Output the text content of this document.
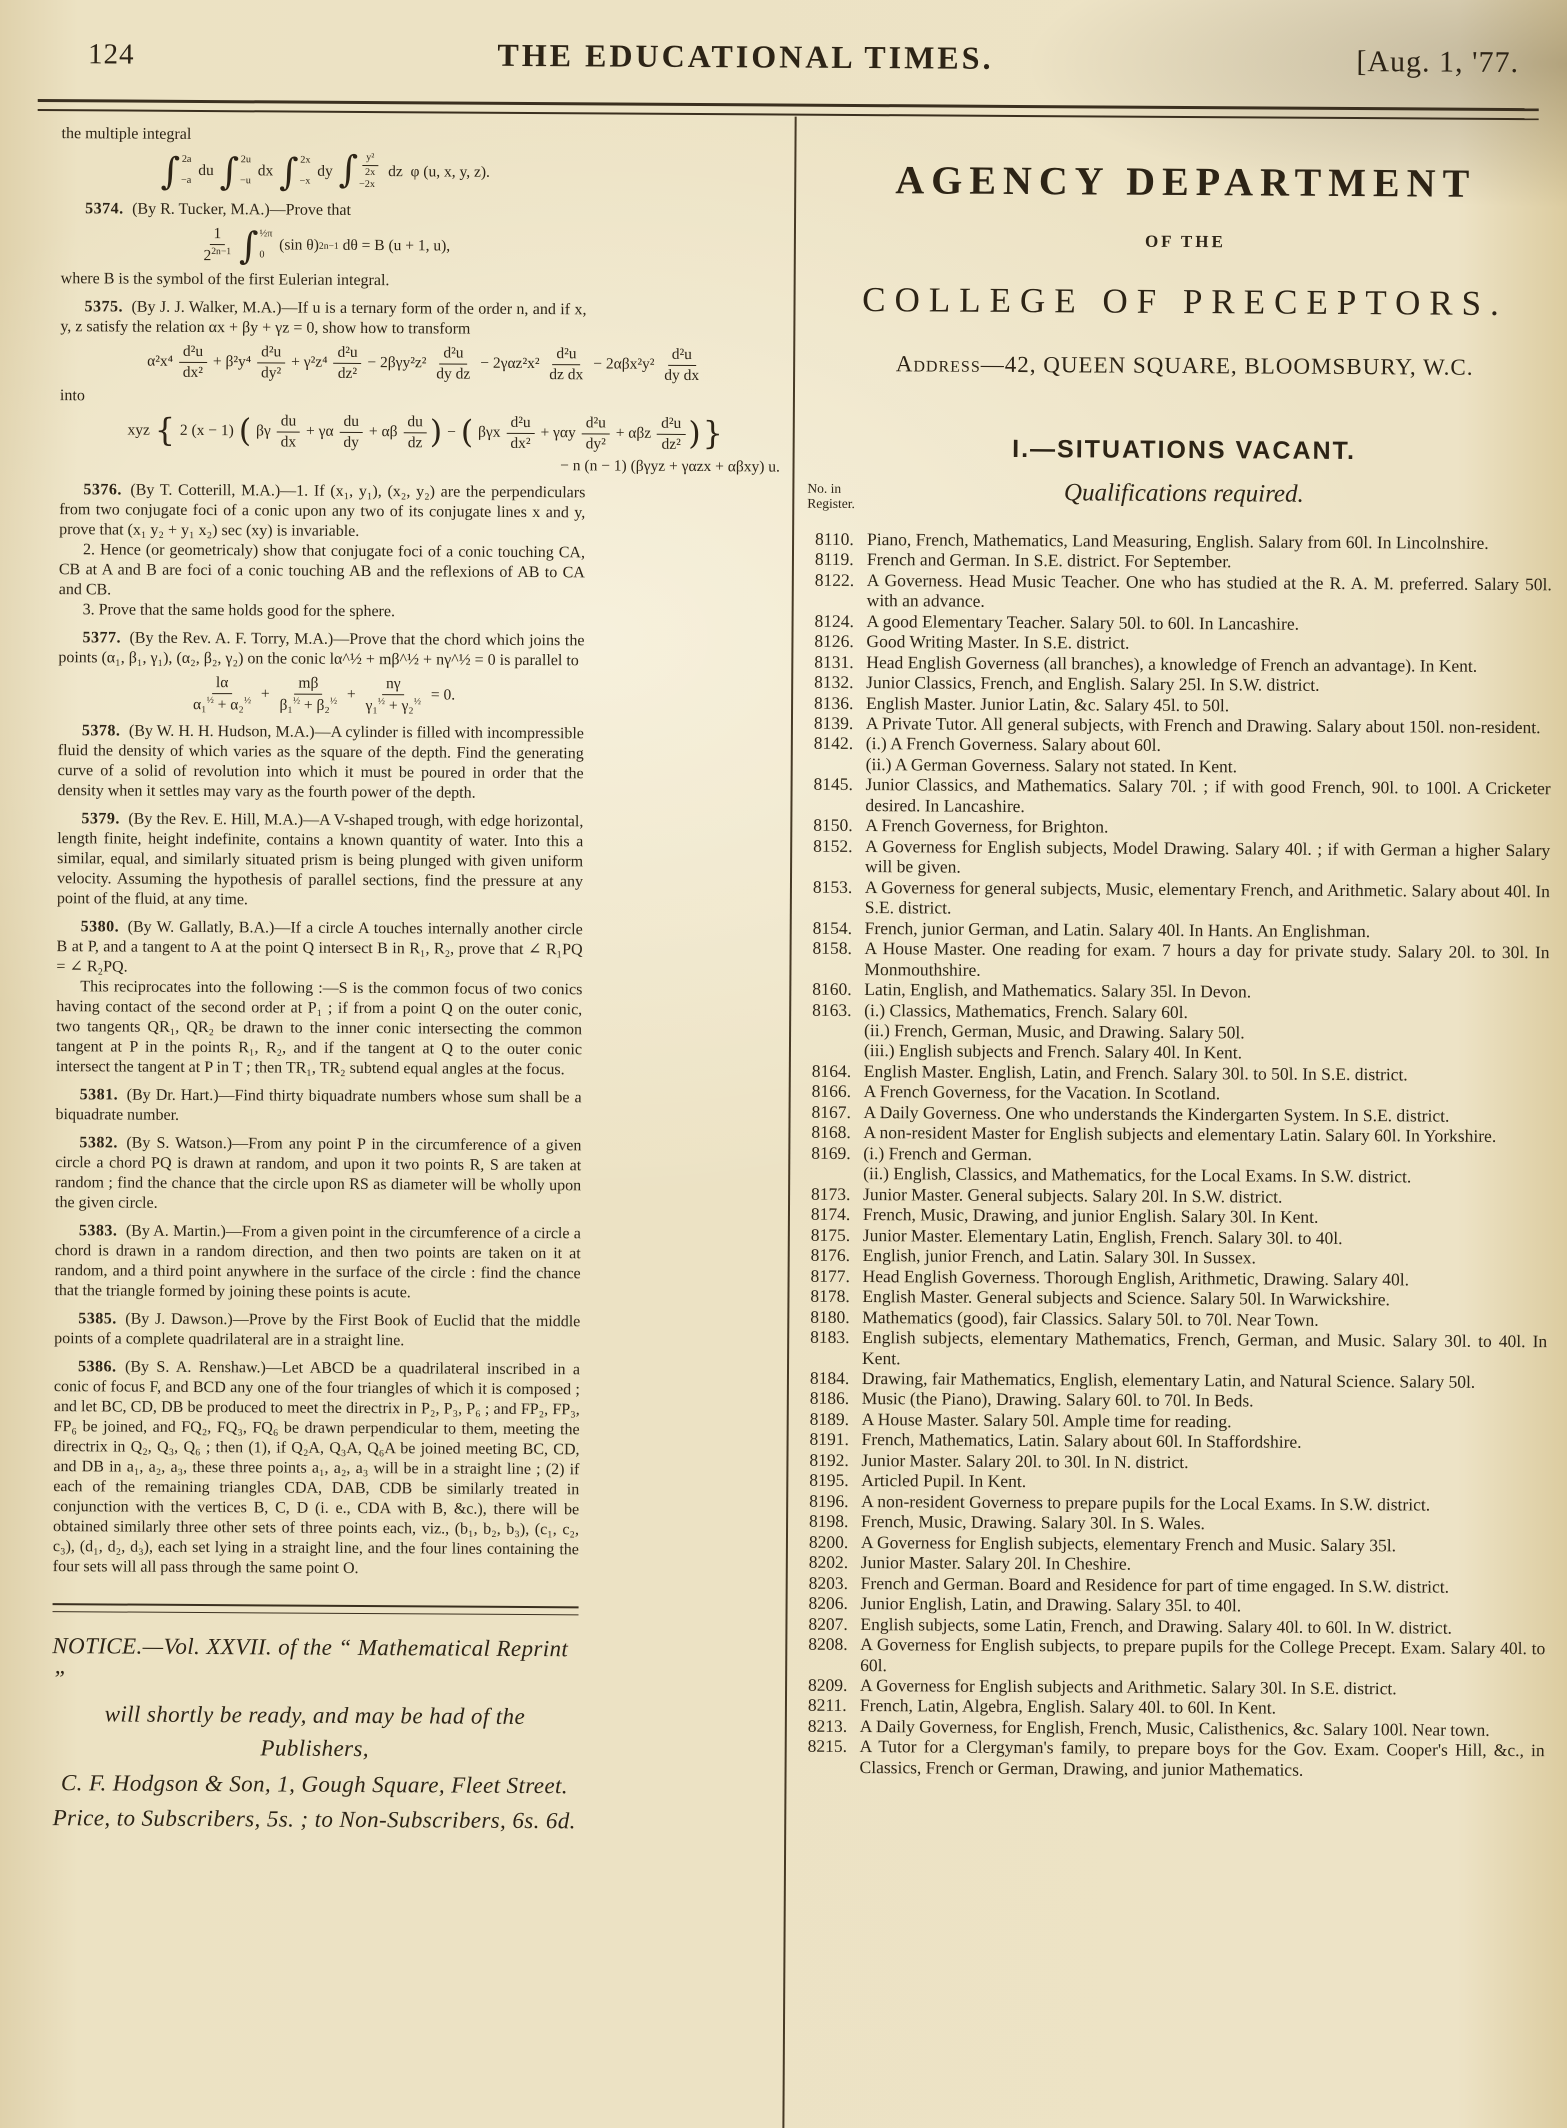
124	THE EDUCATIONAL TIMES.	[Aug. 1, '77.

the multiple integral

∫ 2a
−a
du ∫ 2u
−u
dx ∫ 2x
−x
dy ∫ $\frac{\text{y²}}{2x}$
−2x
dz  φ (u, x, y, z).

5374. (By R. Tucker, M.A.)—Prove that

1
$2^{2n-1}$ ∫ ½π
0
(sin θ) 2n−1 dθ = B (u + 1, u),

where B is the symbol of the first Eulerian integral.

5375. (By J. J. Walker, M.A.)—If u is a ternary form of the order n, and if x, y, z satisfy the relation αx + βy + γz = 0, show how to transform

α²x⁴
d²u
dx²
+ β²y⁴
d²u
dy²
+ γ²z⁴
d²u
dz²
− 2βγy²z²
d²u
dy dz
− 2γαz²x²
d²u
dz dx
− 2αβx²y²
d²u
dy dx

into

xyz { 2 (x − 1) ( βγ
du
dx
+ γα
du
dy
+ αβ
du
dz ) − ( βγx
d²u
dx²
+ γαy
d²u
dy²
+ αβz
d²u
dz² ) }
− n (n − 1) (βγyz + γαzx + αβxy) u.

5376. (By T. Cotterill, M.A.)—1. If (x₁, y₁), (x₂, y₂) are the perpendiculars from two conjugate foci of a conic upon any two of its conjugate lines x and y, prove that (x₁ y₂ + y₁ x₂) sec (xy) is invariable.

2. Hence (or geometricaly) show that conjugate foci of a conic touching CA, CB at A and B are foci of a conic touching AB and the reflexions of AB to CA and CB.

3. Prove that the same holds good for the sphere.

5377. (By the Rev. A. F. Torry, M.A.)—Prove that the chord which joins the points (α₁, β₁, γ₁), (α₂, β₂, γ₂) on the conic lα^½ + mβ^½ + nγ^½ = 0 is parallel to

lα
$\alpha_1^{\frac{1}{2}} + \alpha_2^{\frac{1}{2}} + \frac{m\beta}{\beta_1^{\frac{1}{2}} + \beta_2^{\frac{1}{2}}} + \frac{n\gamma}{\gamma_1^{\frac{1}{2}} + \gamma_2^{\frac{1}{2}}} = 0$.

5378. (By W. H. H. Hudson, M.A.)—A cylinder is filled with incompressible fluid the density of which varies as the square of the depth. Find the generating curve of a solid of revolution into which it must be poured in order that the density when it settles may vary as the fourth power of the depth.

5379. (By the Rev. E. Hill, M.A.)—A V-shaped trough, with edge horizontal, length finite, height indefinite, contains a known quantity of water. Into this a similar, equal, and similarly situated prism is being plunged with given uniform velocity. Assuming the hypothesis of parallel sections, find the pressure at any point of the fluid, at any time.

5380. (By W. Gallatly, B.A.)—If a circle A touches internally another circle B at P, and a tangent to A at the point Q intersect B in R₁, R₂, prove that ∠ R₁PQ = ∠ R₂PQ.

This reciprocates into the following :—S is the common focus of two conics having contact of the second order at P₁ ; if from a point Q on the outer conic, two tangents QR₁, QR₂ be drawn to the inner conic intersecting the common tangent at P in the points R₁, R₂, and if the tangent at Q to the outer conic intersect the tangent at P in T ; then TR₁, TR₂ subtend equal angles at the focus.

5381. (By Dr. Hart.)—Find thirty biquadrate numbers whose sum shall be a biquadrate number.

5382. (By S. Watson.)—From any point P in the circumference of a given circle a chord PQ is drawn at random, and upon it two points R, S are taken at random ; find the chance that the circle upon RS as diameter will be wholly upon the given circle.

5383. (By A. Martin.)—From a given point in the circumference of a circle a chord is drawn in a random direction, and then two points are taken on it at random, and a third point anywhere in the surface of the circle : find the chance that the triangle formed by joining these points is acute.

5385. (By J. Dawson.)—Prove by the First Book of Euclid that the middle points of a complete quadrilateral are in a straight line.

5386. (By S. A. Renshaw.)—Let ABCD be a quadrilateral inscribed in a conic of focus F, and BCD any one of the four triangles of which it is composed ; and let BC, CD, DB be produced to meet the directrix in P₂, P₃, P₆ ; and FP₂, FP₃, FP₆ be joined, and FQ₂, FQ₃, FQ₆ be drawn perpendicular to them, meeting the directrix in Q₂, Q₃, Q₆ ; then (1), if Q₂A, Q₃A, Q₆A be joined meeting BC, CD, and DB in a₁, a₂, a₃, these three points a₁, a₂, a₃ will be in a straight line ; (2) if each of the remaining triangles CDA, DAB, CDB be similarly treated in conjunction with the vertices B, C, D (i. e., CDA with B, &c.), there will be obtained similarly three other sets of three points each, viz., (b₁, b₂, b₃), (c₁, c₂, c₃), (d₁, d₂, d₃), each set lying in a straight line, and the four lines containing the four sets will all pass through the same point O.

NOTICE.—Vol. XXVII. of the “ Mathematical Reprint ”

will shortly be ready, and may be had of the Publishers,

C. F. Hodgson & Son, 1, Gough Square, Fleet Street.

Price, to Subscribers, 5s. ; to Non-Subscribers, 6s. 6d.

AGENCY DEPARTMENT
OF THE
COLLEGE OF PRECEPTORS.
Address—42, QUEEN SQUARE, BLOOMSBURY, W.C.
I.—SITUATIONS VACANT.
No. in
Register.	Qualifications required.
8110. Piano, French, Mathematics, Land Measuring, English. Salary from 60l. In Lincolnshire.

8119. French and German. In S.E. district. For September.

8122. A Governess. Head Music Teacher. One who has studied at the R. A. M. preferred. Salary 50l. with an advance.

8124. A good Elementary Teacher. Salary 50l. to 60l. In Lancashire.

8126. Good Writing Master. In S.E. district.

8131. Head English Governess (all branches), a knowledge of French an advantage). In Kent.

8132. Junior Classics, French, and English. Salary 25l. In S.W. district.

8136. English Master. Junior Latin, &c. Salary 45l. to 50l.

8139. A Private Tutor. All general subjects, with French and Drawing. Salary about 150l. non-resident.

8142. (i.) A French Governess. Salary about 60l.

(ii.) A German Governess. Salary not stated. In Kent.

8145. Junior Classics, and Mathematics. Salary 70l. ; if with good French, 90l. to 100l. A Cricketer desired. In Lancashire.

8150. A French Governess, for Brighton.

8152. A Governess for English subjects, Model Drawing. Salary 40l. ; if with German a higher Salary will be given.

8153. A Governess for general subjects, Music, elementary French, and Arithmetic. Salary about 40l. In S.E. district.

8154. French, junior German, and Latin. Salary 40l. In Hants. An Englishman.

8158. A House Master. One reading for exam. 7 hours a day for private study. Salary 20l. to 30l. In Monmouthshire.

8160. Latin, English, and Mathematics. Salary 35l. In Devon.

8163. (i.) Classics, Mathematics, French. Salary 60l.

(ii.) French, German, Music, and Drawing. Salary 50l.

(iii.) English subjects and French. Salary 40l. In Kent.

8164. English Master. English, Latin, and French. Salary 30l. to 50l. In S.E. district.

8166. A French Governess, for the Vacation. In Scotland.

8167. A Daily Governess. One who understands the Kindergarten System. In S.E. district.

8168. A non-resident Master for English subjects and elementary Latin. Salary 60l. In Yorkshire.

8169. (i.) French and German.

(ii.) English, Classics, and Mathematics, for the Local Exams. In S.W. district.

8173. Junior Master. General subjects. Salary 20l. In S.W. district.

8174. French, Music, Drawing, and junior English. Salary 30l. In Kent.

8175. Junior Master. Elementary Latin, English, French. Salary 30l. to 40l.

8176. English, junior French, and Latin. Salary 30l. In Sussex.

8177. Head English Governess. Thorough English, Arithmetic, Drawing. Salary 40l.

8178. English Master. General subjects and Science. Salary 50l. In Warwickshire.

8180. Mathematics (good), fair Classics. Salary 50l. to 70l. Near Town.

8183. English subjects, elementary Mathematics, French, German, and Music. Salary 30l. to 40l. In Kent.

8184. Drawing, fair Mathematics, English, elementary Latin, and Natural Science. Salary 50l.

8186. Music (the Piano), Drawing. Salary 60l. to 70l. In Beds.

8189. A House Master. Salary 50l. Ample time for reading.

8191. French, Mathematics, Latin. Salary about 60l. In Staffordshire.

8192. Junior Master. Salary 20l. to 30l. In N. district.

8195. Articled Pupil. In Kent.

8196. A non-resident Governess to prepare pupils for the Local Exams. In S.W. district.

8198. French, Music, Drawing. Salary 30l. In S. Wales.

8200. A Governess for English subjects, elementary French and Music. Salary 35l.

8202. Junior Master. Salary 20l. In Cheshire.

8203. French and German. Board and Residence for part of time engaged. In S.W. district.

8206. Junior English, Latin, and Drawing. Salary 35l. to 40l.

8207. English subjects, some Latin, French, and Drawing. Salary 40l. to 60l. In W. district.

8208. A Governess for English subjects, to prepare pupils for the College Precept. Exam. Salary 40l. to 60l.

8209. A Governess for English subjects and Arithmetic. Salary 30l. In S.E. district.

8211. French, Latin, Algebra, English. Salary 40l. to 60l. In Kent.

8213. A Daily Governess, for English, French, Music, Calisthenics, &c. Salary 100l. Near town.

8215. A Tutor for a Clergyman's family, to prepare boys for the Gov. Exam. Cooper's Hill, &c., in Classics, French or German, Drawing, and junior Mathematics.
